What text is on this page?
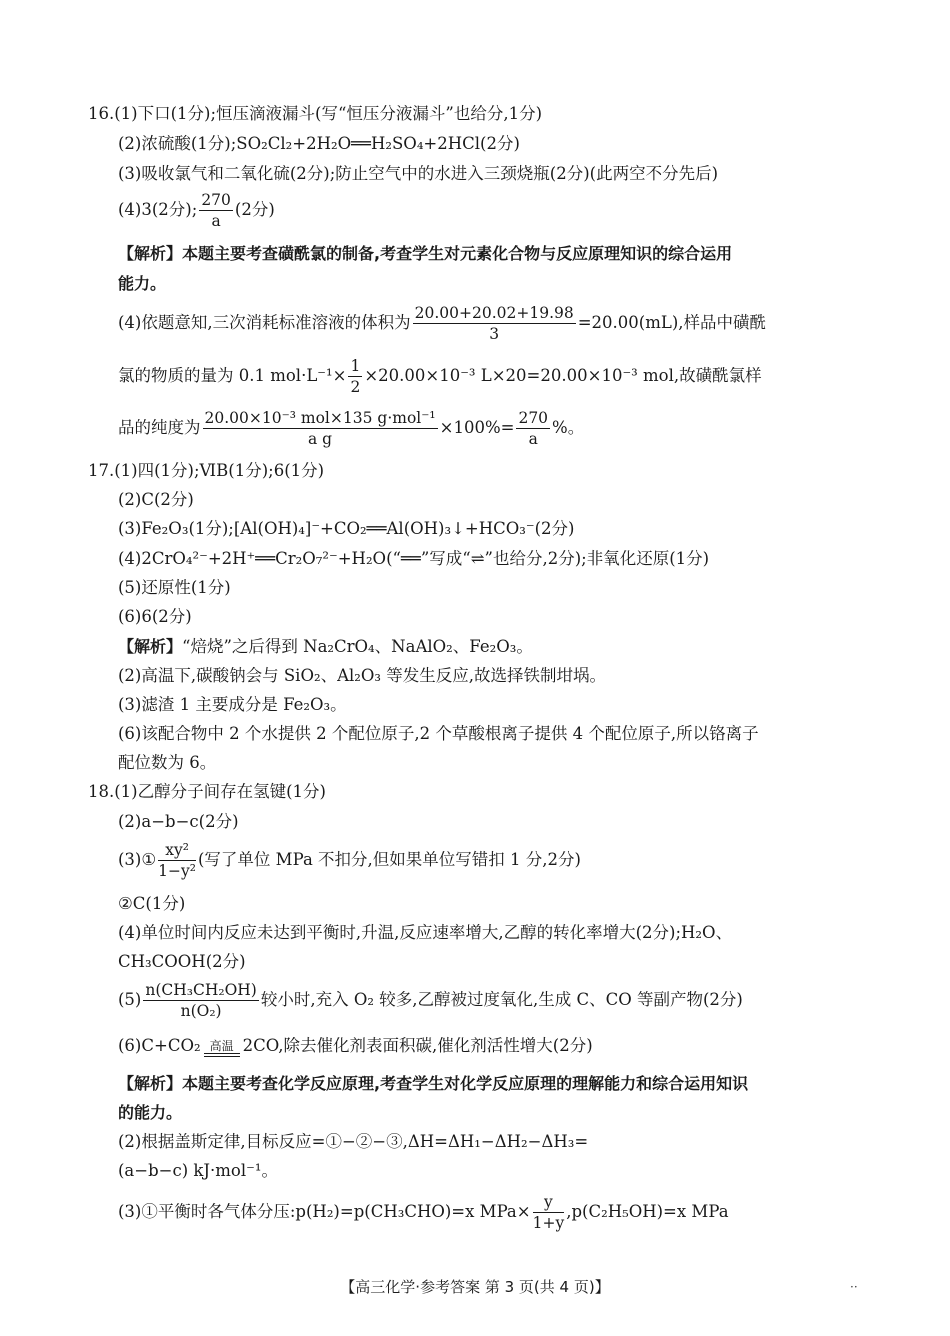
16.(1)下口(1分);恒压滴液漏斗(写“恒压分液漏斗”也给分,1分)
(2)浓硫酸(1分);SO₂Cl₂+2H₂O══H₂SO₄+2HCl(2分)
(3)吸收氯气和二氧化硫(2分);防止空气中的水进入三颈烧瓶(2分)(此两空不分先后)
(4)3(2分); $\frac{270}{a} (2$分)
【解析】本题主要考查磺酰氯的制备,考查学生对元素化合物与反应原理知识的综合运用
能力。
(4)依题意知,三次消耗标准溶液的体积为 $\frac{20.00+20.02+19.98}{3} =20.00(mL)$,样品中磺酰
氯的物质的量为 0.1 $mol\cdot L^{-1}\times \frac{1}{2} \times 20.00\times 10^{-3}$ L×20=20.00×10⁻³ mol,故磺酰氯样
品的纯度为 $\frac{\text{20.00×10⁻³ mol×135 g·mol⁻¹}}{\text{a g}} \times 100\%= \frac{270}{a}$ %。
17.(1)四(1分);ⅥB(1分);6(1分)
(2)C(2分)
(3)Fe₂O₃(1分);[Al(OH)₄]⁻+CO₂══Al(OH)₃↓+HCO₃⁻(2分)
(4)2CrO₄²⁻+2H⁺══Cr₂O₇²⁻+H₂O(“══”写成“⇌”也给分,2分);非氧化还原(1分)
(5)还原性(1分)
(6)6(2分)
【解析】“焙烧”之后得到 Na₂CrO₄、NaAlO₂、Fe₂O₃。
(2)高温下,碳酸钠会与 SiO₂、Al₂O₃ 等发生反应,故选择铁制坩埚。
(3)滤渣 1 主要成分是 Fe₂O₃。
(6)该配合物中 2 个水提供 2 个配位原子,2 个草酸根离子提供 4 个配位原子,所以铬离子
配位数为 6。
18.(1)乙醇分子间存在氢键(1分)
(2)a−b−c(2分)
(3)① $\frac{\text{xy²}}{\text{1−y²}}$ (写了单位 MPa 不扣分,但如果单位写错扣 1 分,2分)
②C(1分)
(4)单位时间内反应未达到平衡时,升温,反应速率增大,乙醇的转化率增大(2分);H₂O、
CH₃COOH(2分)
$(5) \frac{\text{n(CH₃CH₂OH)}}{\text{n(O₂)}}$ 较小时,充入 O₂ 较多,乙醇被过度氧化,生成 C、CO 等副产物(2分)
(6)C+CO₂ 高温 2CO,除去催化剂表面积碳,催化剂活性增大(2分)
【解析】本题主要考查化学反应原理,考查学生对化学反应原理的理解能力和综合运用知识
的能力。
(2)根据盖斯定律,目标反应=①−②−③,ΔH=ΔH₁−ΔH₂−ΔH₃=
(a−b−c) kJ·mol⁻¹。
(3)①平衡时各气体分压:p(H₂)=p(CH₃CHO)=x $MPa\times \frac{y}{1+y} ,p(C_2H_5OH)=x$ MPa
【高三化学·参考答案 第 3 页(共 4 页)】	··
